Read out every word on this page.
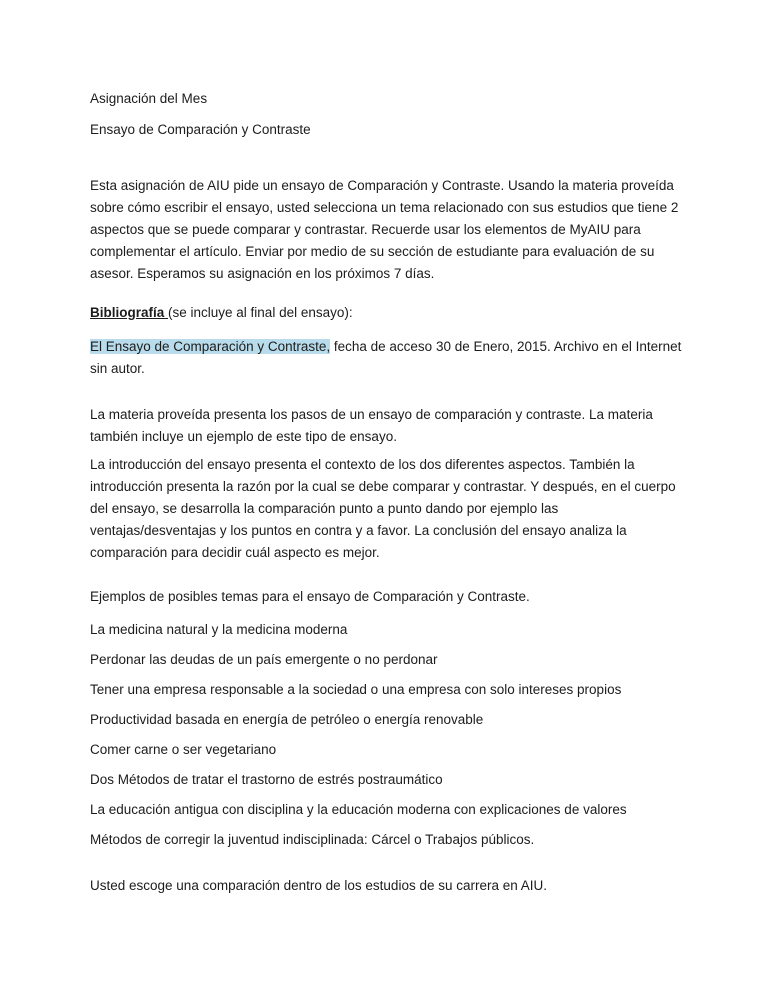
Asignación del Mes

Ensayo de Comparación y Contraste

Esta asignación de AIU pide un ensayo de Comparación y Contraste. Usando la materia proveída sobre cómo escribir el ensayo, usted selecciona un tema relacionado con sus estudios que tiene 2 aspectos que se puede comparar y contrastar. Recuerde usar los elementos de MyAIU para complementar el artículo. Enviar por medio de su sección de estudiante para evaluación de su asesor. Esperamos su asignación en los próximos 7 días.

Bibliografía (se incluye al final del ensayo):

El Ensayo de Comparación y Contraste, fecha de acceso 30 de Enero, 2015. Archivo en el Internet sin autor.

La materia proveída presenta los pasos de un ensayo de comparación y contraste. La materia también incluye un ejemplo de este tipo de ensayo.

La introducción del ensayo presenta el contexto de los dos diferentes aspectos. También la introducción presenta la razón por la cual se debe comparar y contrastar. Y después, en el cuerpo del ensayo, se desarrolla la comparación punto a punto dando por ejemplo las ventajas/desventajas y los puntos en contra y a favor. La conclusión del ensayo analiza la comparación para decidir cuál aspecto es mejor.

Ejemplos de posibles temas para el ensayo de Comparación y Contraste.

La medicina natural y la medicina moderna

Perdonar las deudas de un país emergente o no perdonar

Tener una empresa responsable a la sociedad o una empresa con solo intereses propios

Productividad basada en energía de petróleo o energía renovable

Comer carne o ser vegetariano

Dos Métodos de tratar el trastorno de estrés postraumático

La educación antigua con disciplina y la educación moderna con explicaciones de valores

Métodos de corregir la juventud indisciplinada: Cárcel o Trabajos públicos.

Usted escoge una comparación dentro de los estudios de su carrera en AIU.
